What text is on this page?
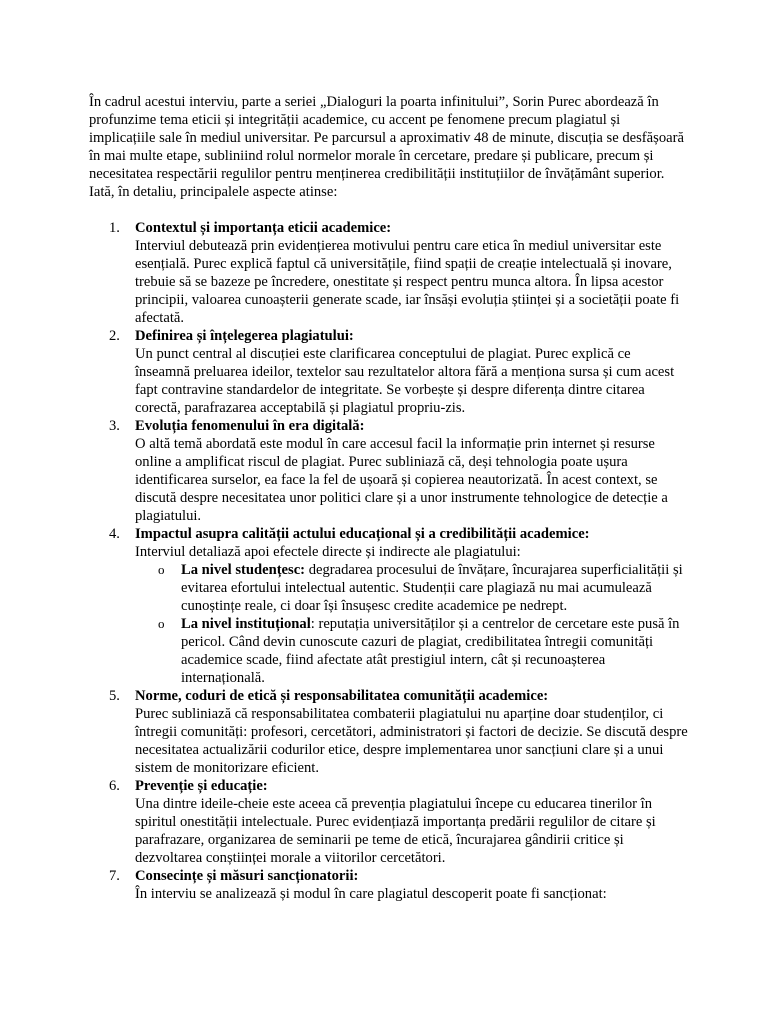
În cadrul acestui interviu, parte a seriei „Dialoguri la poarta infinitului”, Sorin Purec abordează în profunzime tema eticii și integrității academice, cu accent pe fenomene precum plagiatul și implicațiile sale în mediul universitar. Pe parcursul a aproximativ 48 de minute, discuția se desfășoară în mai multe etape, subliniind rolul normelor morale în cercetare, predare și publicare, precum și necesitatea respectării regulilor pentru menținerea credibilității instituțiilor de învățământ superior. Iată, în detaliu, principalele aspecte atinse:

1.	Contextul și importanța eticii academice:
Interviul debutează prin evidențierea motivului pentru care etica în mediul universitar este esențială. Purec explică faptul că universitățile, fiind spații de creație intelectuală și inovare, trebuie să se bazeze pe încredere, onestitate și respect pentru munca altora. În lipsa acestor principii, valoarea cunoașterii generate scade, iar însăși evoluția științei și a societății poate fi afectată.
2.	Definirea și înțelegerea plagiatului:
Un punct central al discuției este clarificarea conceptului de plagiat. Purec explică ce înseamnă preluarea ideilor, textelor sau rezultatelor altora fără a menționa sursa și cum acest fapt contravine standardelor de integritate. Se vorbește și despre diferența dintre citarea corectă, parafrazarea acceptabilă și plagiatul propriu-zis.
3.	Evoluția fenomenului în era digitală:
O altă temă abordată este modul în care accesul facil la informație prin internet și resurse online a amplificat riscul de plagiat. Purec subliniază că, deși tehnologia poate ușura identificarea surselor, ea face la fel de ușoară și copierea neautorizată. În acest context, se discută despre necesitatea unor politici clare și a unor instrumente tehnologice de detecție a plagiatului.
4.	Impactul asupra calității actului educațional și a credibilității academice:
Interviul detaliază apoi efectele directe și indirecte ale plagiatului:
o La nivel studențesc: degradarea procesului de învățare, încurajarea superficialității și evitarea efortului intelectual autentic. Studenții care plagiază nu mai acumulează cunoștințe reale, ci doar își însușesc credite academice pe nedrept.
o La nivel instituțional: reputația universităților și a centrelor de cercetare este pusă în pericol. Când devin cunoscute cazuri de plagiat, credibilitatea întregii comunități academice scade, fiind afectate atât prestigiul intern, cât și recunoașterea internațională.
5.	Norme, coduri de etică și responsabilitatea comunității academice:
Purec subliniază că responsabilitatea combaterii plagiatului nu aparține doar studenților, ci întregii comunități: profesori, cercetători, administratori și factori de decizie. Se discută despre necesitatea actualizării codurilor etice, despre implementarea unor sancțiuni clare și a unui sistem de monitorizare eficient.
6.	Prevenție și educație:
Una dintre ideile-cheie este aceea că prevenția plagiatului începe cu educarea tinerilor în spiritul onestității intelectuale. Purec evidențiază importanța predării regulilor de citare și parafrazare, organizarea de seminarii pe teme de etică, încurajarea gândirii critice și dezvoltarea conștiinței morale a viitorilor cercetători.
7.	Consecințe și măsuri sancționatorii:
În interviu se analizează și modul în care plagiatul descoperit poate fi sancționat:
